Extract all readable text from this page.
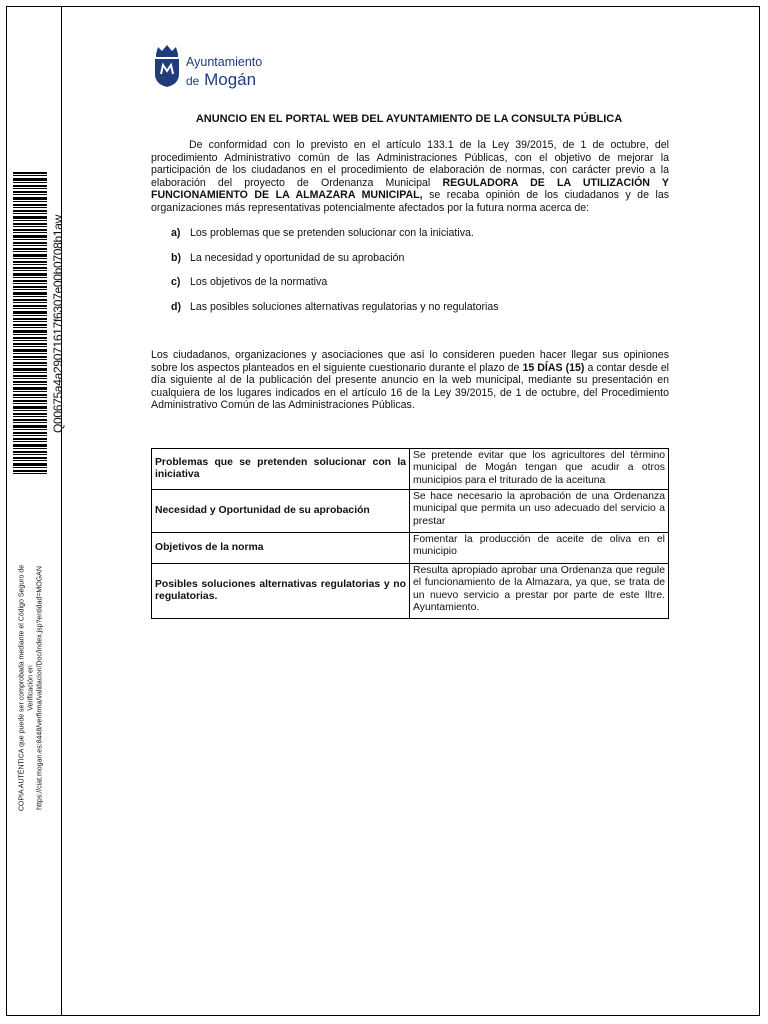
Q00675a4a29071617f6307e00b0708b1aw
COPIA AUTÉNTICA que puede ser comprobada mediante el Código Seguro de Verificación en https://ciat.mogan.es:8448/verfirma/validacion/Doc/index.jsp?entidad=MOGAN
Ayuntamiento
de Mogán
ANUNCIO EN EL PORTAL WEB DEL AYUNTAMIENTO DE LA CONSULTA PÚBLICA
De conformidad con lo previsto en el artículo 133.1 de la Ley 39/2015, de 1 de octubre, del procedimiento Administrativo común de las Administraciones Públicas, con el objetivo de mejorar la participación de los ciudadanos en el procedimiento de elaboración de normas, con carácter previo a la elaboración del proyecto de Ordenanza Municipal REGULADORA DE LA UTILIZACIÓN Y FUNCIONAMIENTO DE LA ALMAZARA MUNICIPAL, se recaba opinión de los ciudadanos y de las organizaciones más representativas potencialmente afectados por la futura norma acerca de:
a) Los problemas que se pretenden solucionar con la iniciativa.
b) La necesidad y oportunidad de su aprobación
c) Los objetivos de la normativa
d) Las posibles soluciones alternativas regulatorias y no regulatorias
Los ciudadanos, organizaciones y asociaciones que así lo consideren pueden hacer llegar sus opiniones sobre los aspectos planteados en el siguiente cuestionario durante el plazo de 15 DÍAS (15) a contar desde el día siguiente al de la publicación del presente anuncio en la web municipal, mediante su presentación en cualquiera de los lugares indicados en el artículo 16 de la Ley 39/2015, de 1 de octubre, del Procedimiento Administrativo Común de las Administraciones Públicas.
Problemas que se pretenden solucionar con la iniciativa	Se pretende evitar que los agricultores del término municipal de Mogán tengan que acudir a otros municipios para el triturado de la aceituna
Necesidad y Oportunidad de su aprobación	Se hace necesario la aprobación de una Ordenanza municipal que permita un uso adecuado del servicio a prestar
Objetivos de la norma	Fomentar la producción de aceite de oliva en el municipio
Posibles soluciones alternativas regulatorias y no regulatorias.	Resulta apropiado aprobar una Ordenanza que regule el funcionamiento de la Almazara, ya que, se trata de un nuevo servicio a prestar por parte de este Iltre. Ayuntamiento.
